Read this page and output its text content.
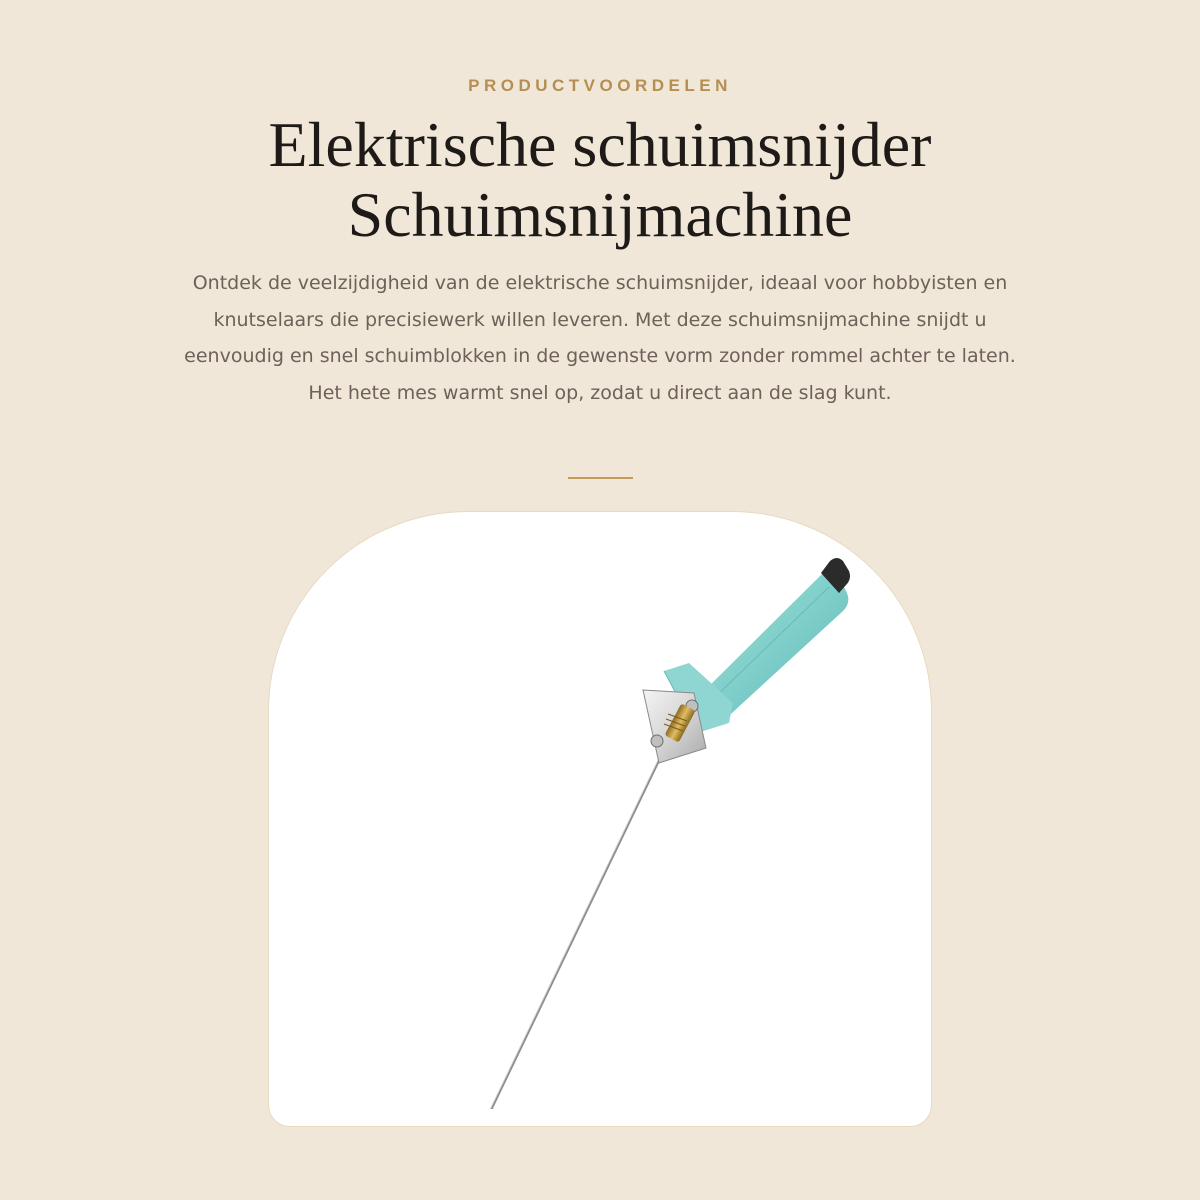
PRODUCTVOORDELEN
Elektrische schuimsnijder
Schuimsnijmachine

Ontdek de veelzijdigheid van de elektrische schuimsnijder, ideaal voor hobbyisten en knutselaars die precisiewerk willen leveren. Met deze schuimsnijmachine snijdt u eenvoudig en snel schuimblokken in de gewenste vorm zonder rommel achter te laten. Het hete mes warmt snel op, zodat u direct aan de slag kunt.
